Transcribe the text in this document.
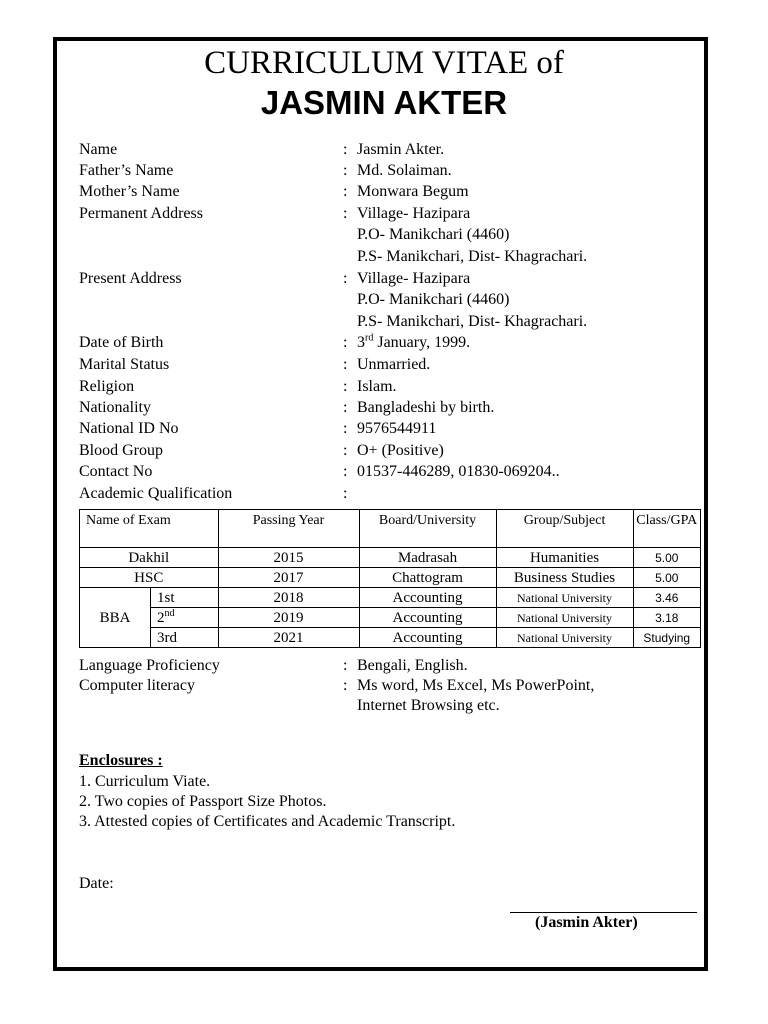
CURRICULUM VITAE of
JASMIN AKTER
Name	: Jasmin Akter.
Father’s Name	: Md. Solaiman.
Mother’s Name	: Monwara Begum
Permanent Address	: Village- Hazipara
P.O- Manikchari (4460)
P.S- Manikchari, Dist- Khagrachari.
Present Address	: Village- Hazipara
P.O- Manikchari (4460)
P.S- Manikchari, Dist- Khagrachari.
Date of Birth	: 3rd January, 1999.
Marital Status	: Unmarried.
Religion	: Islam.
Nationality	: Bangladeshi by birth.
National ID No	: 9576544911
Blood Group	: O+ (Positive)
Contact No	: 01537-446289, 01830-069204..
Academic Qualification	:
Name of Exam		Passing Year	Board/University	Group/Subject	Class/GPA
Dakhil		2015	Madrasah	Humanities	5.00
HSC		2017	Chattogram	Business Studies	5.00
BBA	1st	2018	Accounting	National University	3.46
	2nd	2019	Accounting	National University	3.18
	3rd	2021	Accounting	National University	Studying
Language Proficiency	: Bengali, English.
Computer literacy	: Ms word, Ms Excel, Ms PowerPoint,
Internet Browsing etc.
Enclosures :
1. Curriculum Viate.
2. Two copies of Passport Size Photos.
3. Attested copies of Certificates and Academic Transcript.
Date:
(Jasmin Akter)
